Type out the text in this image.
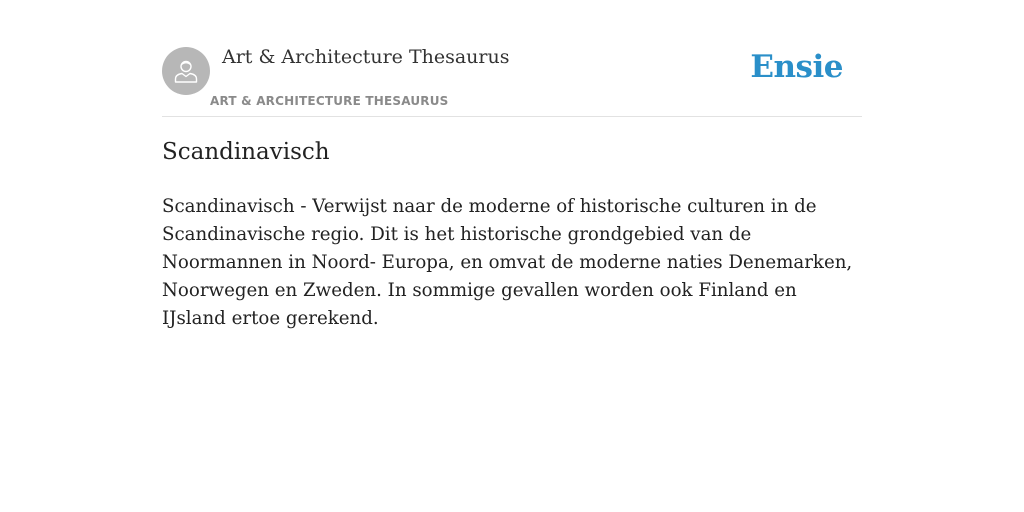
Art & Architecture Thesaurus
ART & ARCHITECTURE THESAURUS
Ensie
Scandinavisch

Scandinavisch - Verwijst naar de moderne of historische culturen in de Scandinavische regio. Dit is het historische grondgebied van de Noormannen in Noord- Europa, en omvat de moderne naties Denemarken, Noorwegen en Zweden. In sommige gevallen worden ook Finland en IJsland ertoe gerekend.
